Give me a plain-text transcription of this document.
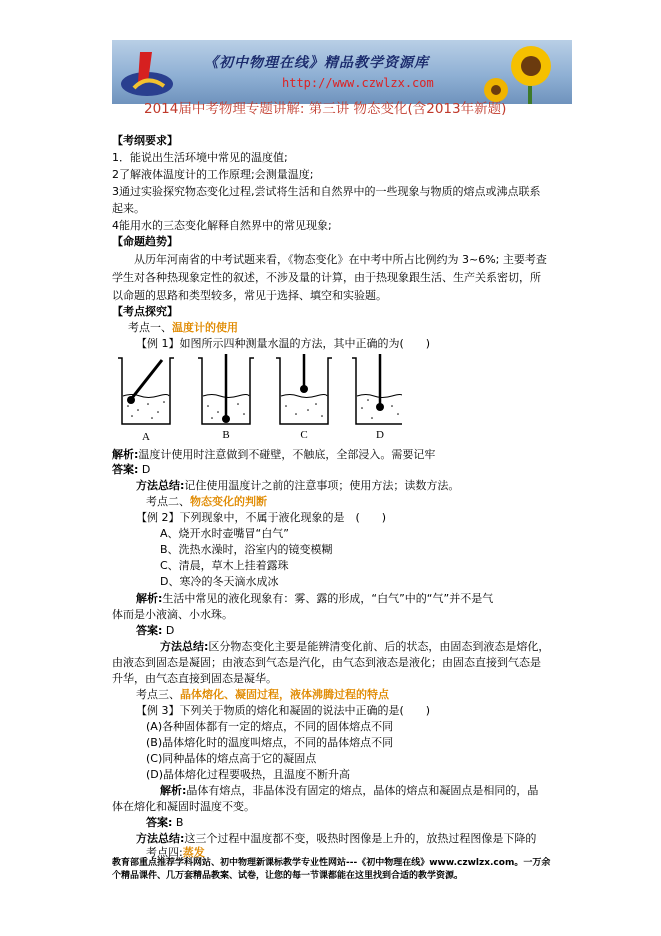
《初中物理在线》精品教学资源库
http://www.czwlzx.com
2014届中考物理专题讲解: 第三讲 物态变化(含2013年新题)
【考纲要求】
1．能说出生活环境中常见的温度值;
2了解液体温度计的工作原理;会测量温度;
3通过实验探究物态变化过程,尝试将生活和自然界中的一些现象与物质的熔点或沸点联系
起来。
4能用水的三态变化解释自然界中的常见现象;
【命题趋势】
从历年河南省的中考试题来看，《物态变化》在中考中所占比例约为 3~6%; 主要考查
学生对各种热现象定性的叙述，不涉及量的计算，由于热现象跟生活、生产关系密切，所
以命题的思路和类型较多，常见于选择、填空和实验题。
【考点探究】
考点一、温度计的使用
【例 1】如图所示四种测量水温的方法，其中正确的为(　　)
A	B	C	D
解析:温度计使用时注意做到不碰壁，不触底，全部浸入。需要记牢
答案: D
方法总结:记住使用温度计之前的注意事项；使用方法；读数方法。
考点二、物态变化的判断
【例 2】下列现象中，不属于液化现象的是　(　　)
A、烧开水时壶嘴冒“白气”
B、洗热水澡时，浴室内的镜变模糊
C、清晨，草木上挂着露珠
D、寒冷的冬天滴水成冰
解析:生活中常见的液化现象有：雾、露的形成，“白气”中的“气”并不是气
体而是小液滴、小水珠。
答案: D
方法总结:区分物态变化主要是能辨清变化前、后的状态，由固态到液态是熔化，
由液态到固态是凝固；由液态到气态是汽化，由气态到液态是液化；由固态直接到气态是
升华，由气态直接到固态是凝华。
考点三、晶体熔化、凝固过程，液体沸腾过程的特点
【例 3】下列关于物质的熔化和凝固的说法中正确的是(　　)
(A)各种固体都有一定的熔点，不同的固体熔点不同
(B)晶体熔化时的温度叫熔点，不同的晶体熔点不同
(C)同种晶体的熔点高于它的凝固点
(D)晶体熔化过程要吸热，且温度不断升高
解析:晶体有熔点，非晶体没有固定的熔点，晶体的熔点和凝固点是相同的，晶
体在熔化和凝固时温度不变。
答案: B
方法总结:这三个过程中温度都不变，吸热时图像是上升的，放热过程图像是下降的
考点四:蒸发
教育部重点推荐学科网站、初中物理新课标教学专业性网站---《初中物理在线》www.czwlzx.com。一万余
个精品课件、几万套精品教案、试卷，让您的每一节课都能在这里找到合适的教学资源。
